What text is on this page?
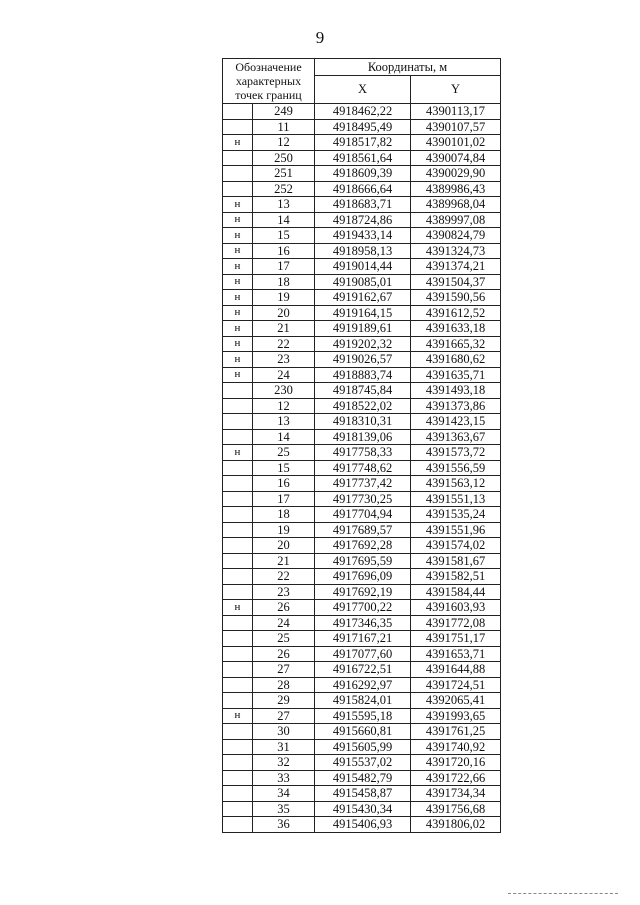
9
Обозначение характерных точек границ		Координаты, м	
		X	Y
	249	4918462,22	4390113,17
	11	4918495,49	4390107,57
н	12	4918517,82	4390101,02
	250	4918561,64	4390074,84
	251	4918609,39	4390029,90
	252	4918666,64	4389986,43
н	13	4918683,71	4389968,04
н	14	4918724,86	4389997,08
н	15	4919433,14	4390824,79
н	16	4918958,13	4391324,73
н	17	4919014,44	4391374,21
н	18	4919085,01	4391504,37
н	19	4919162,67	4391590,56
н	20	4919164,15	4391612,52
н	21	4919189,61	4391633,18
н	22	4919202,32	4391665,32
н	23	4919026,57	4391680,62
н	24	4918883,74	4391635,71
	230	4918745,84	4391493,18
	12	4918522,02	4391373,86
	13	4918310,31	4391423,15
	14	4918139,06	4391363,67
н	25	4917758,33	4391573,72
	15	4917748,62	4391556,59
	16	4917737,42	4391563,12
	17	4917730,25	4391551,13
	18	4917704,94	4391535,24
	19	4917689,57	4391551,96
	20	4917692,28	4391574,02
	21	4917695,59	4391581,67
	22	4917696,09	4391582,51
	23	4917692,19	4391584,44
н	26	4917700,22	4391603,93
	24	4917346,35	4391772,08
	25	4917167,21	4391751,17
	26	4917077,60	4391653,71
	27	4916722,51	4391644,88
	28	4916292,97	4391724,51
	29	4915824,01	4392065,41
н	27	4915595,18	4391993,65
	30	4915660,81	4391761,25
	31	4915605,99	4391740,92
	32	4915537,02	4391720,16
	33	4915482,79	4391722,66
	34	4915458,87	4391734,34
	35	4915430,34	4391756,68
	36	4915406,93	4391806,02
